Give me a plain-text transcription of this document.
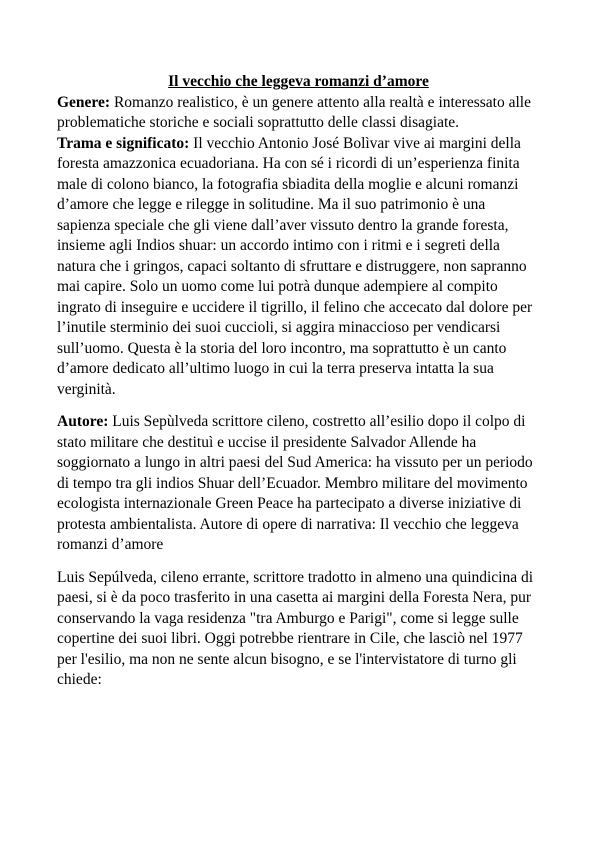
Il vecchio che leggeva romanzi d’amore

Genere: Romanzo realistico, è un genere attento alla realtà e interessato alle problematiche storiche e sociali soprattutto delle classi disagiate.

Trama e significato: Il vecchio Antonio José Bolìvar vive ai margini della foresta amazzonica ecuadoriana. Ha con sé i ricordi di un’esperienza finita male di colono bianco, la fotografia sbiadita della moglie e alcuni romanzi d’amore che legge e rilegge in solitudine. Ma il suo patrimonio è una sapienza speciale che gli viene dall’aver vissuto dentro la grande foresta, insieme agli Indios shuar: un accordo intimo con i ritmi e i segreti della natura che i gringos, capaci soltanto di sfruttare e distruggere, non sapranno mai capire. Solo un uomo come lui potrà dunque adempiere al compito ingrato di inseguire e uccidere il tigrillo, il felino che accecato dal dolore per l’inutile sterminio dei suoi cuccioli, si aggira minaccioso per vendicarsi sull’uomo. Questa è la storia del loro incontro, ma soprattutto è un canto d’amore dedicato all’ultimo luogo in cui la terra preserva intatta la sua verginità.

Autore: Luis Sepùlveda scrittore cileno, costretto all’esilio dopo il colpo di stato militare che destituì e uccise il presidente Salvador Allende ha soggiornato a lungo in altri paesi del Sud America: ha vissuto per un periodo di tempo tra gli indios Shuar dell’Ecuador. Membro militare del movimento ecologista internazionale Green Peace ha partecipato a diverse iniziative di protesta ambientalista. Autore di opere di narrativa: Il vecchio che leggeva romanzi d’amore

Luis Sepúlveda, cileno errante, scrittore tradotto in almeno una quindicina di paesi, si è da poco trasferito in una casetta ai margini della Foresta Nera, pur conservando la vaga residenza "tra Amburgo e Parigi", come si legge sulle copertine dei suoi libri. Oggi potrebbe rientrare in Cile, che lasciò nel 1977 per l'esilio, ma non ne sente alcun bisogno, e se l'intervistatore di turno gli chiede:
